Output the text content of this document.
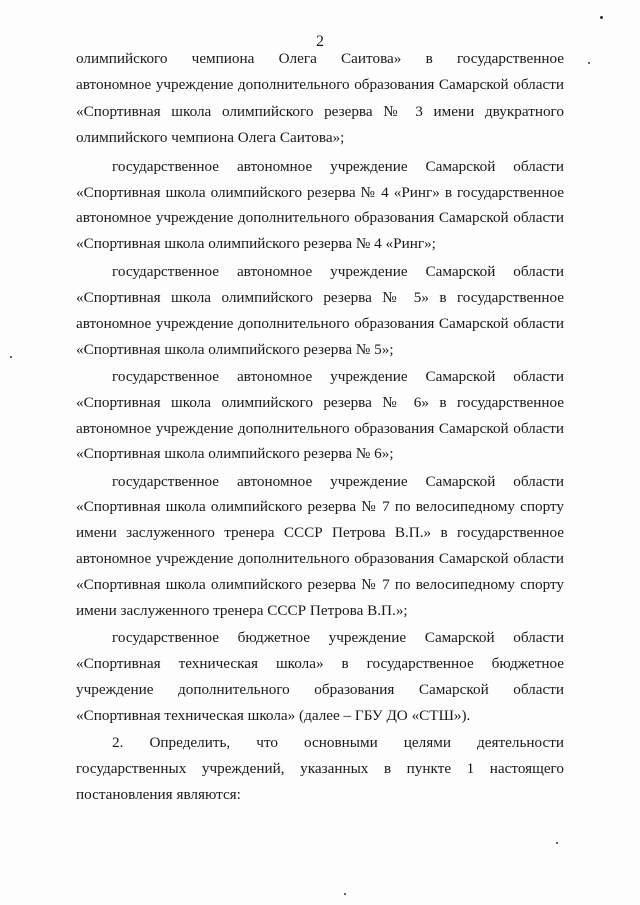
2
олимпийского чемпиона Олега Саитова» в государственное
автономное учреждение дополнительного образования Самарской области
«Спортивная школа олимпийского резерва № 3 имени двукратного
олимпийского чемпиона Олега Саитова»;
государственное автономное учреждение Самарской области
«Спортивная школа олимпийского резерва № 4 «Ринг» в государственное
автономное учреждение дополнительного образования Самарской области
«Спортивная школа олимпийского резерва № 4 «Ринг»;
государственное автономное учреждение Самарской области
«Спортивная школа олимпийского резерва № 5» в государственное
автономное учреждение дополнительного образования Самарской области
«Спортивная школа олимпийского резерва № 5»;
государственное автономное учреждение Самарской области
«Спортивная школа олимпийского резерва № 6» в государственное
автономное учреждение дополнительного образования Самарской области
«Спортивная школа олимпийского резерва № 6»;
государственное автономное учреждение Самарской области
«Спортивная школа олимпийского резерва № 7 по велосипедному спорту
имени заслуженного тренера СССР Петрова В.П.» в государственное
автономное учреждение дополнительного образования Самарской области
«Спортивная школа олимпийского резерва № 7 по велосипедному спорту
имени заслуженного тренера СССР Петрова В.П.»;
государственное бюджетное учреждение Самарской области
«Спортивная техническая школа» в государственное бюджетное
учреждение дополнительного образования Самарской области
«Спортивная техническая школа» (далее – ГБУ ДО «СТШ»).
2. Определить, что основными целями деятельности
государственных учреждений, указанных в пункте 1 настоящего
постановления являются:
